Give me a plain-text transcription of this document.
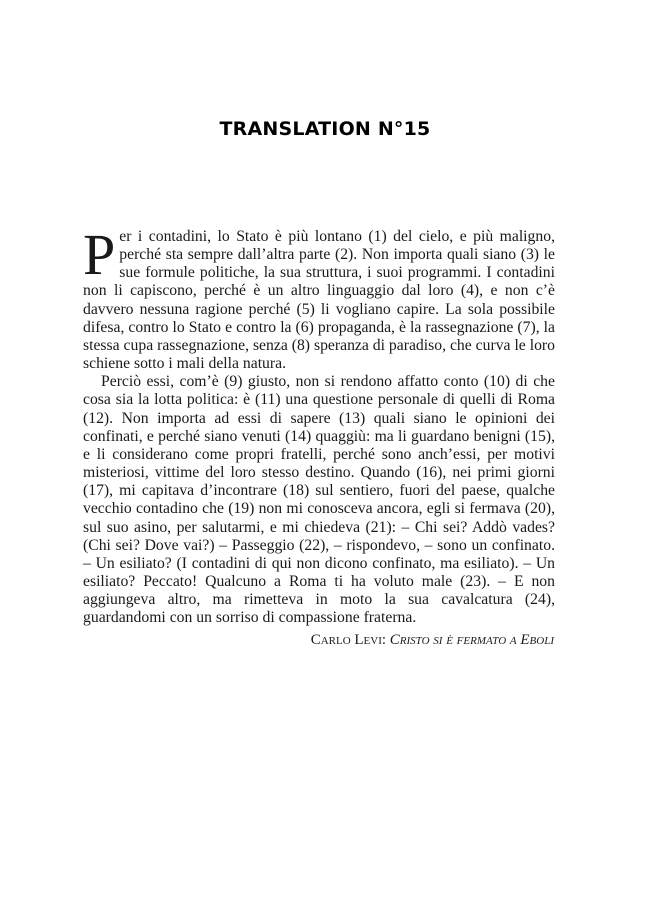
TRANSLATION N°15

Per i contadini, lo Stato è più lontano (1) del cielo, e più maligno, perché sta sempre dall’altra parte (2). Non importa quali siano (3) le sue formule politiche, la sua struttura, i suoi programmi. I contadini non li capiscono, perché è un altro linguaggio dal loro (4), e non c’è davvero nessuna ragione perché (5) li vogliano capire. La sola possibile difesa, contro lo Stato e contro la (6) propaganda, è la rassegnazione (7), la stessa cupa rassegnazione, senza (8) speranza di paradiso, che curva le loro schiene sotto i mali della natura.

Perciò essi, com’è (9) giusto, non si rendono affatto conto (10) di che cosa sia la lotta politica: è (11) una questione personale di quelli di Roma (12). Non importa ad essi di sapere (13) quali siano le opinioni dei confinati, e perché siano venuti (14) quaggiù: ma li guardano benigni (15), e li considerano come propri fratelli, perché sono anch’essi, per motivi misteriosi, vittime del loro stesso destino. Quando (16), nei primi giorni (17), mi capitava d’incontrare (18) sul sentiero, fuori del paese, qualche vecchio contadino che (19) non mi conosceva ancora, egli si fermava (20), sul suo asino, per salutarmi, e mi chiedeva (21): – Chi sei? Addò vades? (Chi sei? Dove vai?) – Passeggio (22), – rispondevo, – sono un confinato. – Un esiliato? (I contadini di qui non dicono confinato, ma esiliato). – Un esiliato? Peccato! Qualcuno a Roma ti ha voluto male (23). – E non aggiungeva altro, ma rimetteva in moto la sua cavalcatura (24), guardandomi con un sorriso di compassione fraterna.

Carlo Levi: Cristo si è fermato a Eboli
